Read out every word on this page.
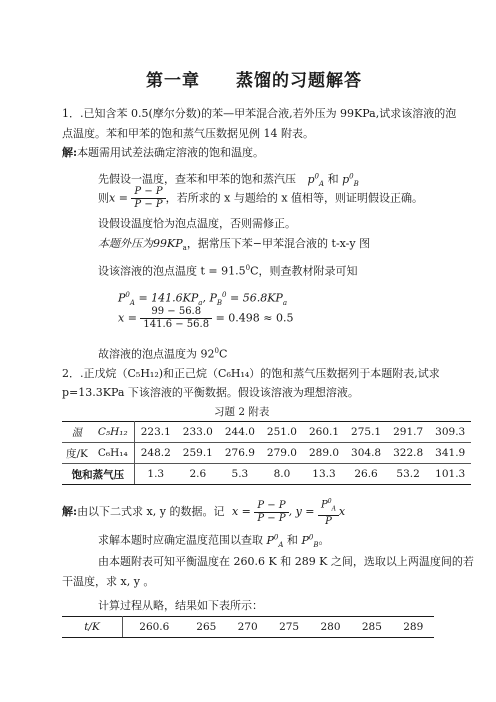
第一章　　蒸馏的习题解答
1．.已知含苯 0.5(摩尔分数)的苯—甲苯混合液,若外压为 99KPa,试求该溶液的泡
点温度。苯和甲苯的饱和蒸气压数据见例 14 附表。
解:本题需用试差法确定溶液的饱和温度。
先假设一温度，查苯和甲苯的饱和蒸汽压 $p^0_A$ 和 $p^0_B$
则$x = \frac{P - P}{P - P}$ ，若所求的 x 与题给的 x 值相等，则证明假设正确。
设假设温度恰为泡点温度，否则需修正。
本题外压为$99KP_a$，据常压下苯−甲苯混合液的 t-x-y 图
设该溶液的泡点温度 $t = 91.5^0C$，则查教材附录可知
$P^0_A = 141.6KP_a$, $P_B^0 = 56.8KP_a$
$x = \frac{99 - 56.8}{141.6 - 56.8} = 0.498 \approx 0.5$
故溶液的泡点温度为 $92^0C$
2．.正戊烷（C₅H₁₂)和正己烷（C₆H₁₄）的饱和蒸气压数据列于本题附表,试求
p=13.3KPa 下该溶液的平衡数据。假设该溶液为理想溶液。
习题 2 附表
温	C₅H₁₂	223.1	233.0	244.0	251.0	260.1	275.1	291.7	309.3
度/K	C₆H₁₄	248.2	259.1	276.9	279.0	289.0	304.8	322.8	341.9
饱和蒸气压		1.3	2.6	5.3	8.0	13.3	26.6	53.2	101.3
解:由以下二式求 x, y 的数据。记 $x = \frac{P - P}{P - P}$ , $y = \frac{P^0_A}{P}$ x
求解本题时应确定温度范围以查取 $P^0_A$ 和 $P^0_B$。
由本题附表可知平衡温度在 260.6 K 和 289 K 之间，选取以上两温度间的若
干温度，求 x, y 。
计算过程从略，结果如下表所示：
t/K	260.6	265	270	275	280	285	289
